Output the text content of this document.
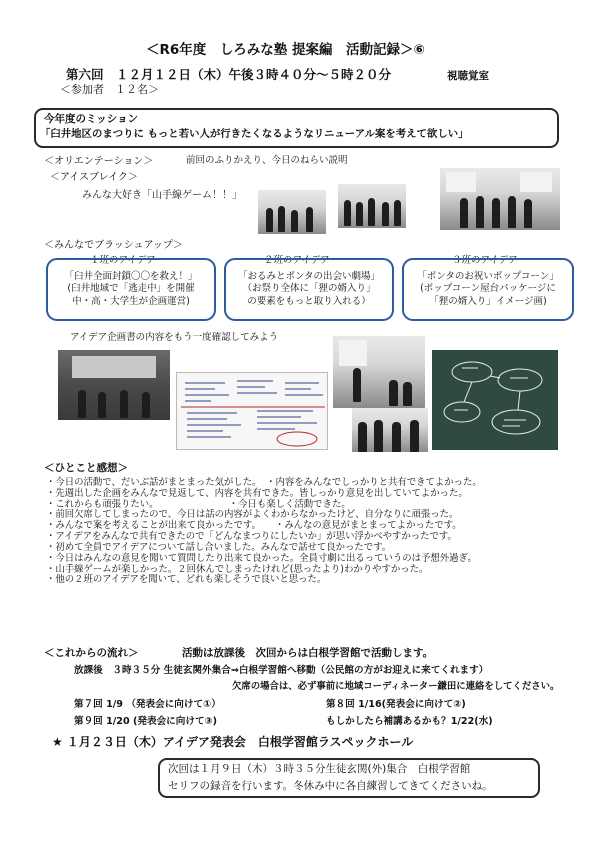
＜R6年度　しろみな塾 提案編　活動記録＞⑥
第六回　１２月１２日（木）午後３時４０分～５時２０分	視聴覚室
＜参加者　１２名＞
今年度のミッション
「臼井地区のまつりに もっと若い人が行きたくなるようなリニューアル案を考えて欲しい」
＜オリエンテーション＞	前回のふりかえり、今日のねらい説明
＜アイスブレイク＞
みんな大好き「山手線ゲーム！！」
＜みんなでブラッシュアップ＞
１班のアイデア	２班のアイデア	３班のアイデア
「臼井全面封鎖〇〇を救え！」
(臼井地域で「逃走中」を開催
中・高・大学生が企画運営)
「おるみとポンタの出会い劇場」
（お祭り全体に「狸の婿入り」
の要素をもっと取り入れる）
「ポンタのお祝いポップコーン」
(ポップコーン屋台パッケージに
「狸の婿入り」イメージ画)
アイデア企画書の内容をもう一度確認してみよう
＜ひとこと感想＞
・今日の活動で、だいぶ話がまとまった気がした。　・内容をみんなでしっかりと共有できてよかった。
・先週出した企画をみんなで見返して、内容を共有できた。皆しっかり意見を出していてよかった。
・これからも頑張りたい。　　　　　　　　・今日も楽しく活動できた。
・前回欠席してしまったので、今日は話の内容がよくわからなかったけど、自分なりに頑張った。
・みんなで案を考えることが出来て良かったです。　　・みんなの意見がまとまってよかったです。
・アイデアをみんなで共有できたので「どんなまつりにしたいか」が思い浮かべやすかったです。
・初めて全員でアイデアについて話し合いました。みんなで話せて良かったです。
・今日はみんなの意見を聞いて質問したり出来て良かった。全員寸劇に出るっていうのは予想外過ぎ。
・山手線ゲームが楽しかった。２回休んでしまったけれど(思ったより)わかりやすかった。
・他の２班のアイデアを聞いて、どれも楽しそうで良いと思った。
＜これからの流れ＞	活動は放課後　次回からは白根学習館で活動します。
放課後　３時３５分 生徒玄関外集合⇒白根学習館へ移動（公民館の方がお迎えに来てくれます）
欠席の場合は、必ず事前に地域コーディネーター鎌田に連絡をしてください。
第７回 1/9 （発表会に向けて①）	第８回 1/16(発表会に向けて②)
第９回 1/20 (発表会に向けて③)	もしかしたら補講あるかも？1/22(水)
★ １月２３日（木）アイデア発表会　白根学習館ラスペックホール
次回は１月９日（木）３時３５分生徒玄関(外)集合　白根学習館
セリフの録音を行います。冬休み中に各自練習してきてくださいね。
